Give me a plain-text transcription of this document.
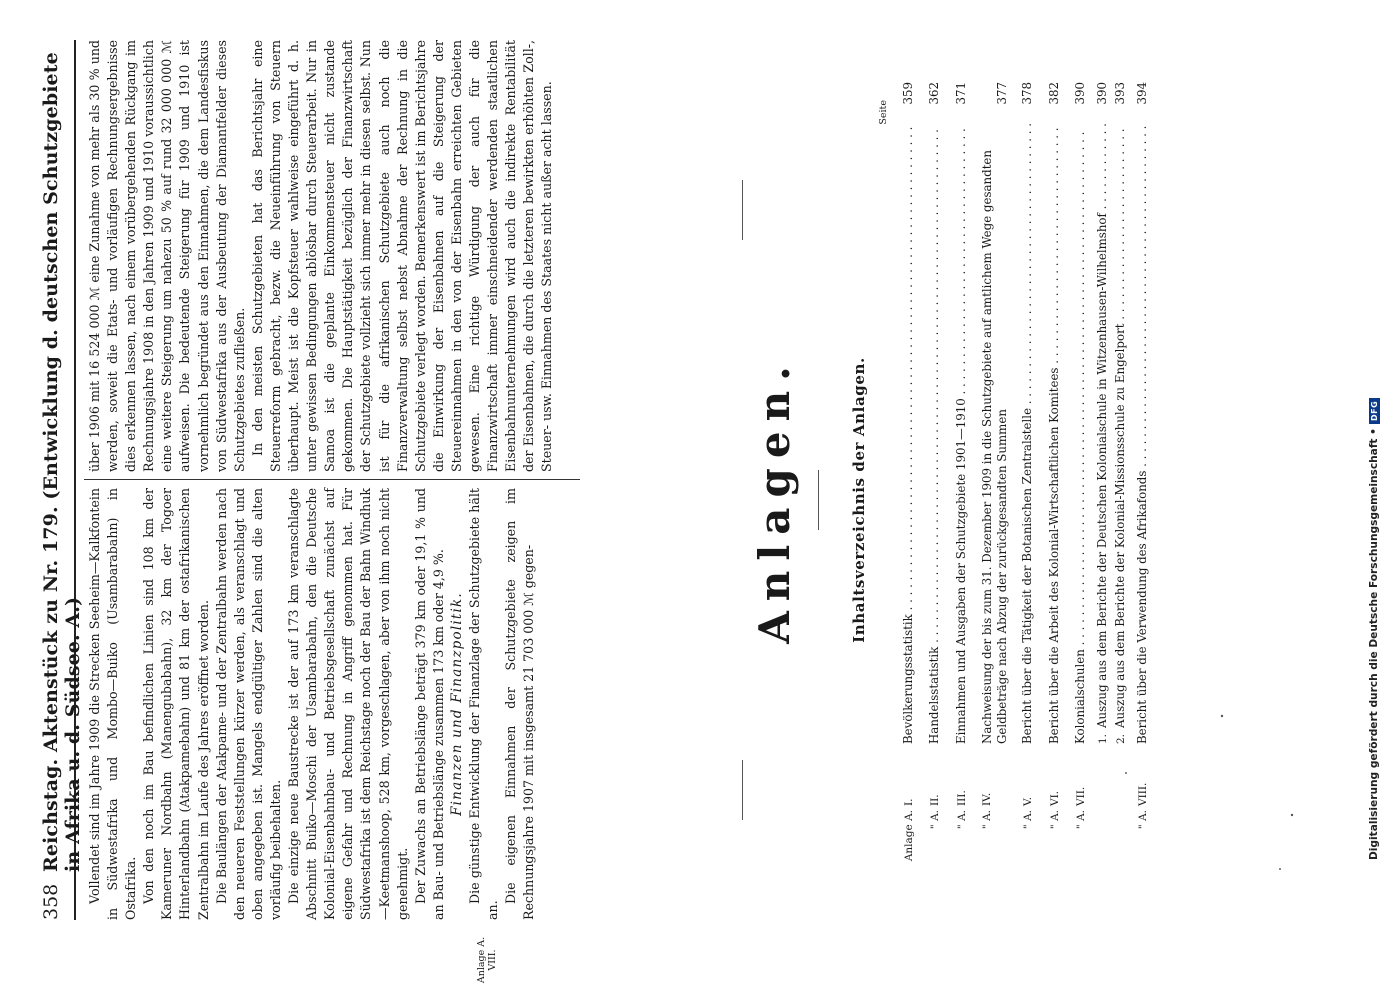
358
Reichstag. Aktenstück zu Nr. 179. (Entwicklung d. deutschen Schutzgebiete in Afrika u. d. Südsee. A.)
Anlage A. VIII.

Vollendet sind im Jahre 1909 die Strecken Seeheim—Kalkfontein in Südwestafrika und Mombo—Buiko (Usambarabahn) in Ostafrika. Von den noch im Bau befindlichen Linien sind 108 km der Kameruner Nordbahn (Manengubabahn), 32 km der Togoer Hinterlandbahn (Atakpamebahn) und 81 km der ostafrikanischen Zentralbahn im Laufe des Jahres eröffnet worden. Die Baulängen der Atakpame- und der Zentralbahn werden nach den neueren Feststellungen kürzer werden, als veranschlagt und oben angegeben ist. Mangels endgültiger Zahlen sind die alten vorläufig beibehalten. Die einzige neue Baustrecke ist der auf 173 km veranschlagte Abschnitt Buiko—Moschi der Usambarabahn, den die Deutsche Kolonial-Eisenbahnbau- und Betriebsgesellschaft zunächst auf eigene Gefahr und Rechnung in Angriff genommen hat. Für Südwestafrika ist dem Reichstage noch der Bau der Bahn Windhuk—Keetmanshoop, 528 km, vorgeschlagen, aber von ihm noch nicht genehmigt. Der Zuwachs an Betriebslänge beträgt 379 km oder 19,1 % und an Bau- und Betriebslänge zusammen 173 km oder 4,9 %. Finanzen und Finanzpolitik. Die günstige Entwicklung der Finanzlage der Schutzgebiete hält an.

Die eigenen Einnahmen der Schutzgebiete zeigen im Rechnungsjahre 1907 mit insgesamt 21 703 000 ℳ gegen-

über 1906 mit 16 524 000 ℳ eine Zunahme von mehr als 30 % und werden, soweit die Etats- und vorläufigen Rechnungsergebnisse dies erkennen lassen, nach einem vorübergehenden Rückgang im Rechnungsjahre 1908 in den Jahren 1909 und 1910 voraussichtlich eine weitere Steigerung um nahezu 50 % auf rund 32 000 000 ℳ aufweisen. Die bedeutende Steigerung für 1909 und 1910 ist vornehmlich begründet aus den Einnahmen, die dem Landesfiskus von Südwestafrika aus der Ausbeutung der Diamantfelder dieses Schutzgebietes zufließen. In den meisten Schutzgebieten hat das Berichtsjahr eine Steuerreform gebracht, bezw. die Neueinführung von Steuern überhaupt. Meist ist die Kopfsteuer wahlweise eingeführt d. h. unter gewissen Bedingungen ablösbar durch Steuerarbeit. Nur in Samoa ist die geplante Einkommensteuer nicht zustande gekommen. Die Hauptstätigkeit bezüglich der Finanzwirtschaft der Schutzgebiete vollzieht sich immer mehr in diesen selbst. Nun ist für die afrikanischen Schutzgebiete auch noch die Finanzverwaltung selbst nebst Abnahme der Rechnung in die Schutzgebiete verlegt worden. Bemerkenswert ist im Berichtsjahre die Einwirkung der Eisenbahnen auf die Steigerung der Steuereinnahmen in den von der Eisenbahn erreichten Gebieten gewesen. Eine richtige Würdigung der auch für die Finanzwirtschaft immer einschneidender werdenden staatlichen Eisenbahnunternehmungen wird auch die indirekte Rentabilität der Eisenbahnen, die durch die letzteren bewirkten erhöhten Zoll-, Steuer- usw. Einnahmen des Staates nicht außer acht lassen.

Anlagen.	Inhaltsverzeichnis der Anlagen.
Seite
Anlage A.
I.
Bevölkerungsstatistik . . .
359
" A.
II.
Handelsstatistik . . .
362
" A.
III.
Einnahmen und Ausgaben der Schutzgebiete 1901—1910 . . .
371
" A.
IV.
Nachweisung der bis zum 31. Dezember 1909 in die Schutzgebiete auf amtlichem Wege gesandten Geldbeträge nach Abzug der zurückgesandten Summen
377
" A.
V.
Bericht über die Tätigkeit der Botanischen Zentralstelle . . .
378
" A.
VI.
Bericht über die Arbeit des Kolonial-Wirtschaftlichen Komitees . . .
382
" A.
VII.
Kolonialschulen . . .
390
1.
Auszug aus dem Berichte der Deutschen Kolonialschule in Witzenhausen-Wilhelmshof . . .
390
2.
Auszug aus dem Berichte der Kolonial-Missionsschule zu Engelport . . .
393
" A.
VIII.
Bericht über die Verwendung des Afrikafonds . . .
394
Digitalisierung gefördert durch die Deutsche Forschungsgemeinschaft •
DFG
